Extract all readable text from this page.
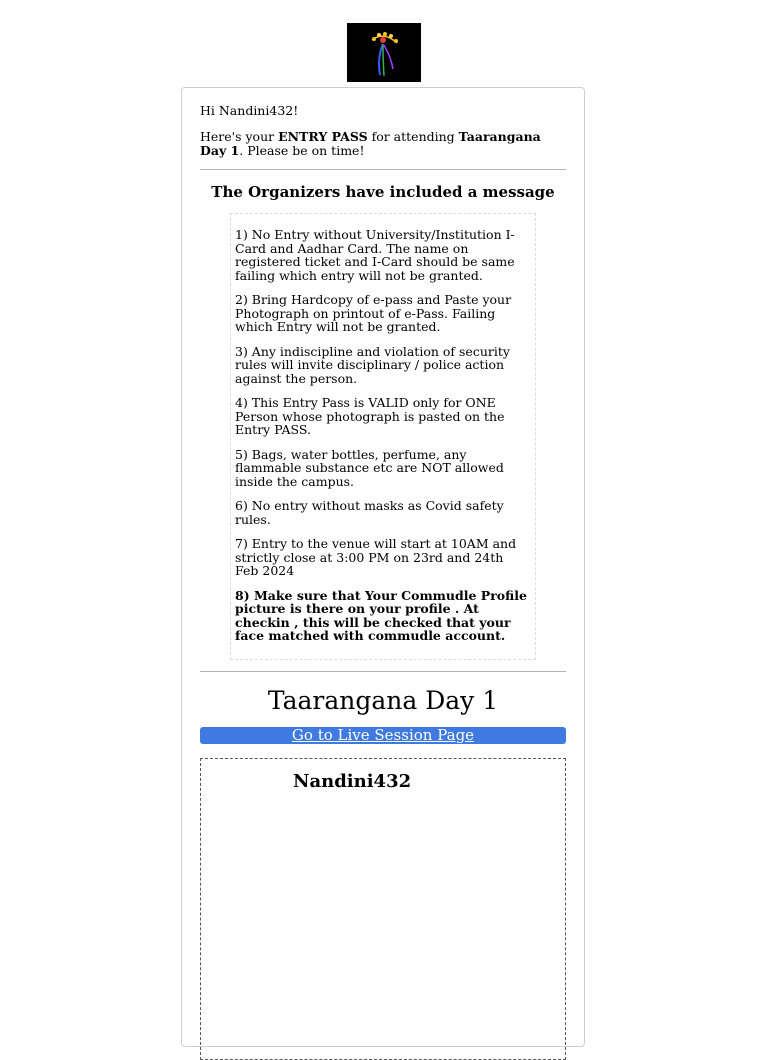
Hi Nandini432!

Here's your ENTRY PASS for attending Taarangana Day 1. Please be on time!

The Organizers have included a message

1) No Entry without University/Institution I-Card and Aadhar Card. The name on registered ticket and I-Card should be same failing which entry will not be granted.

2) Bring Hardcopy of e-pass and Paste your Photograph on printout of e-Pass. Failing which Entry will not be granted.

3) Any indiscipline and violation of security rules will invite disciplinary / police action against the person.

4) This Entry Pass is VALID only for ONE Person whose photograph is pasted on the Entry PASS.

5) Bags, water bottles, perfume, any flammable substance etc are NOT allowed inside the campus.

6) No entry without masks as Covid safety rules.

7) Entry to the venue will start at 10AM and strictly close at 3:00 PM on 23rd and 24th Feb 2024

8) Make sure that Your Commudle Profile picture is there on your profile . At checkin , this will be checked that your face matched with commudle account.

Taarangana Day 1
Go to Live Session Page
Nandini432
